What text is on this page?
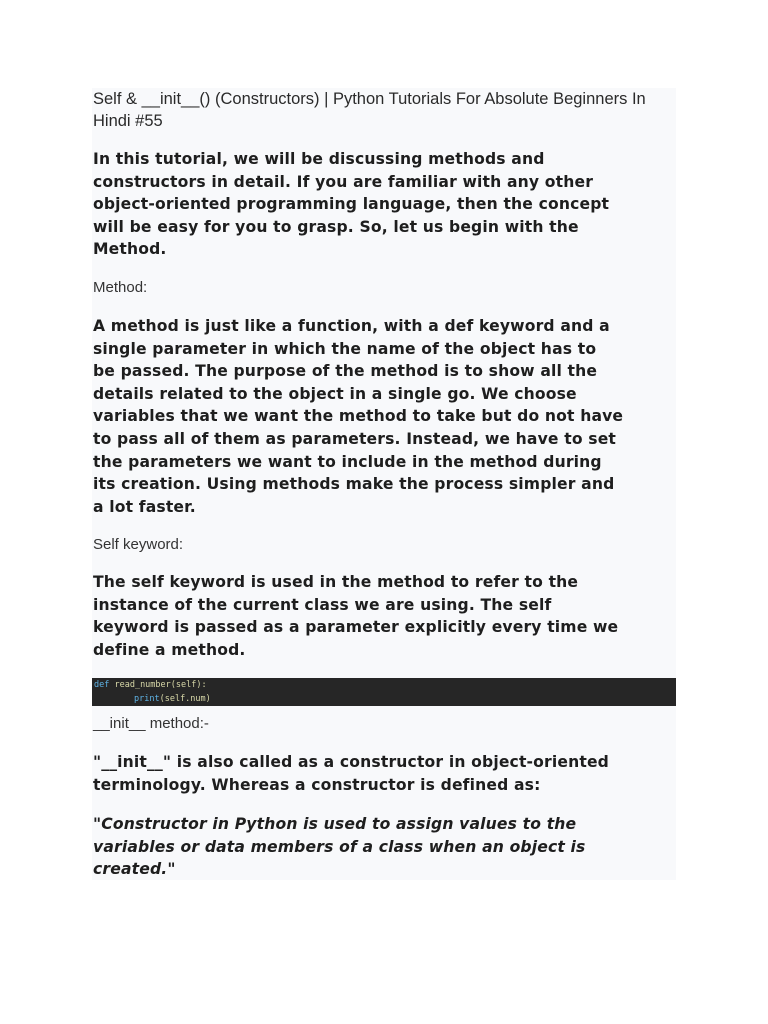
Self & __init__() (Constructors) | Python Tutorials For Absolute Beginners In
Hindi #55
In this tutorial, we will be discussing methods and
constructors in detail. If you are familiar with any other
object-oriented programming language, then the concept
will be easy for you to grasp. So, let us begin with the
Method.
Method:
A method is just like a function, with a def keyword and a
single parameter in which the name of the object has to
be passed. The purpose of the method is to show all the
details related to the object in a single go. We choose
variables that we want the method to take but do not have
to pass all of them as parameters. Instead, we have to set
the parameters we want to include in the method during
its creation. Using methods make the process simpler and
a lot faster.
Self keyword:
The self keyword is used in the method to refer to the
instance of the current class we are using. The self
keyword is passed as a parameter explicitly every time we
define a method.
def read_number(self):
print(self.num)
__init__ method:-
"__init__" is also called as a constructor in object-oriented
terminology. Whereas a constructor is defined as:
"Constructor in Python is used to assign values to the
variables or data members of a class when an object is
created."
